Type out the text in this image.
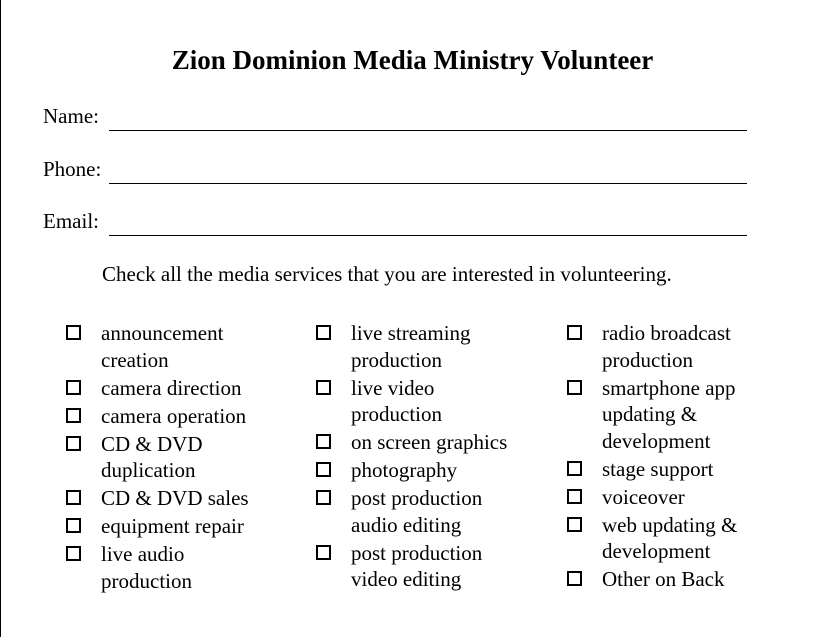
Zion Dominion Media Ministry Volunteer
Name:
Phone:
Email:

Check all the media services that you are interested in volunteering.

announcement
creation
camera direction
camera operation
CD & DVD
duplication
CD & DVD sales
equipment repair
live audio
production
live streaming
production
live video
production
on screen graphics
photography
post production
audio editing
post production
video editing
radio broadcast
production
smartphone app
updating &
development
stage support
voiceover
web updating &
development
Other on Back
